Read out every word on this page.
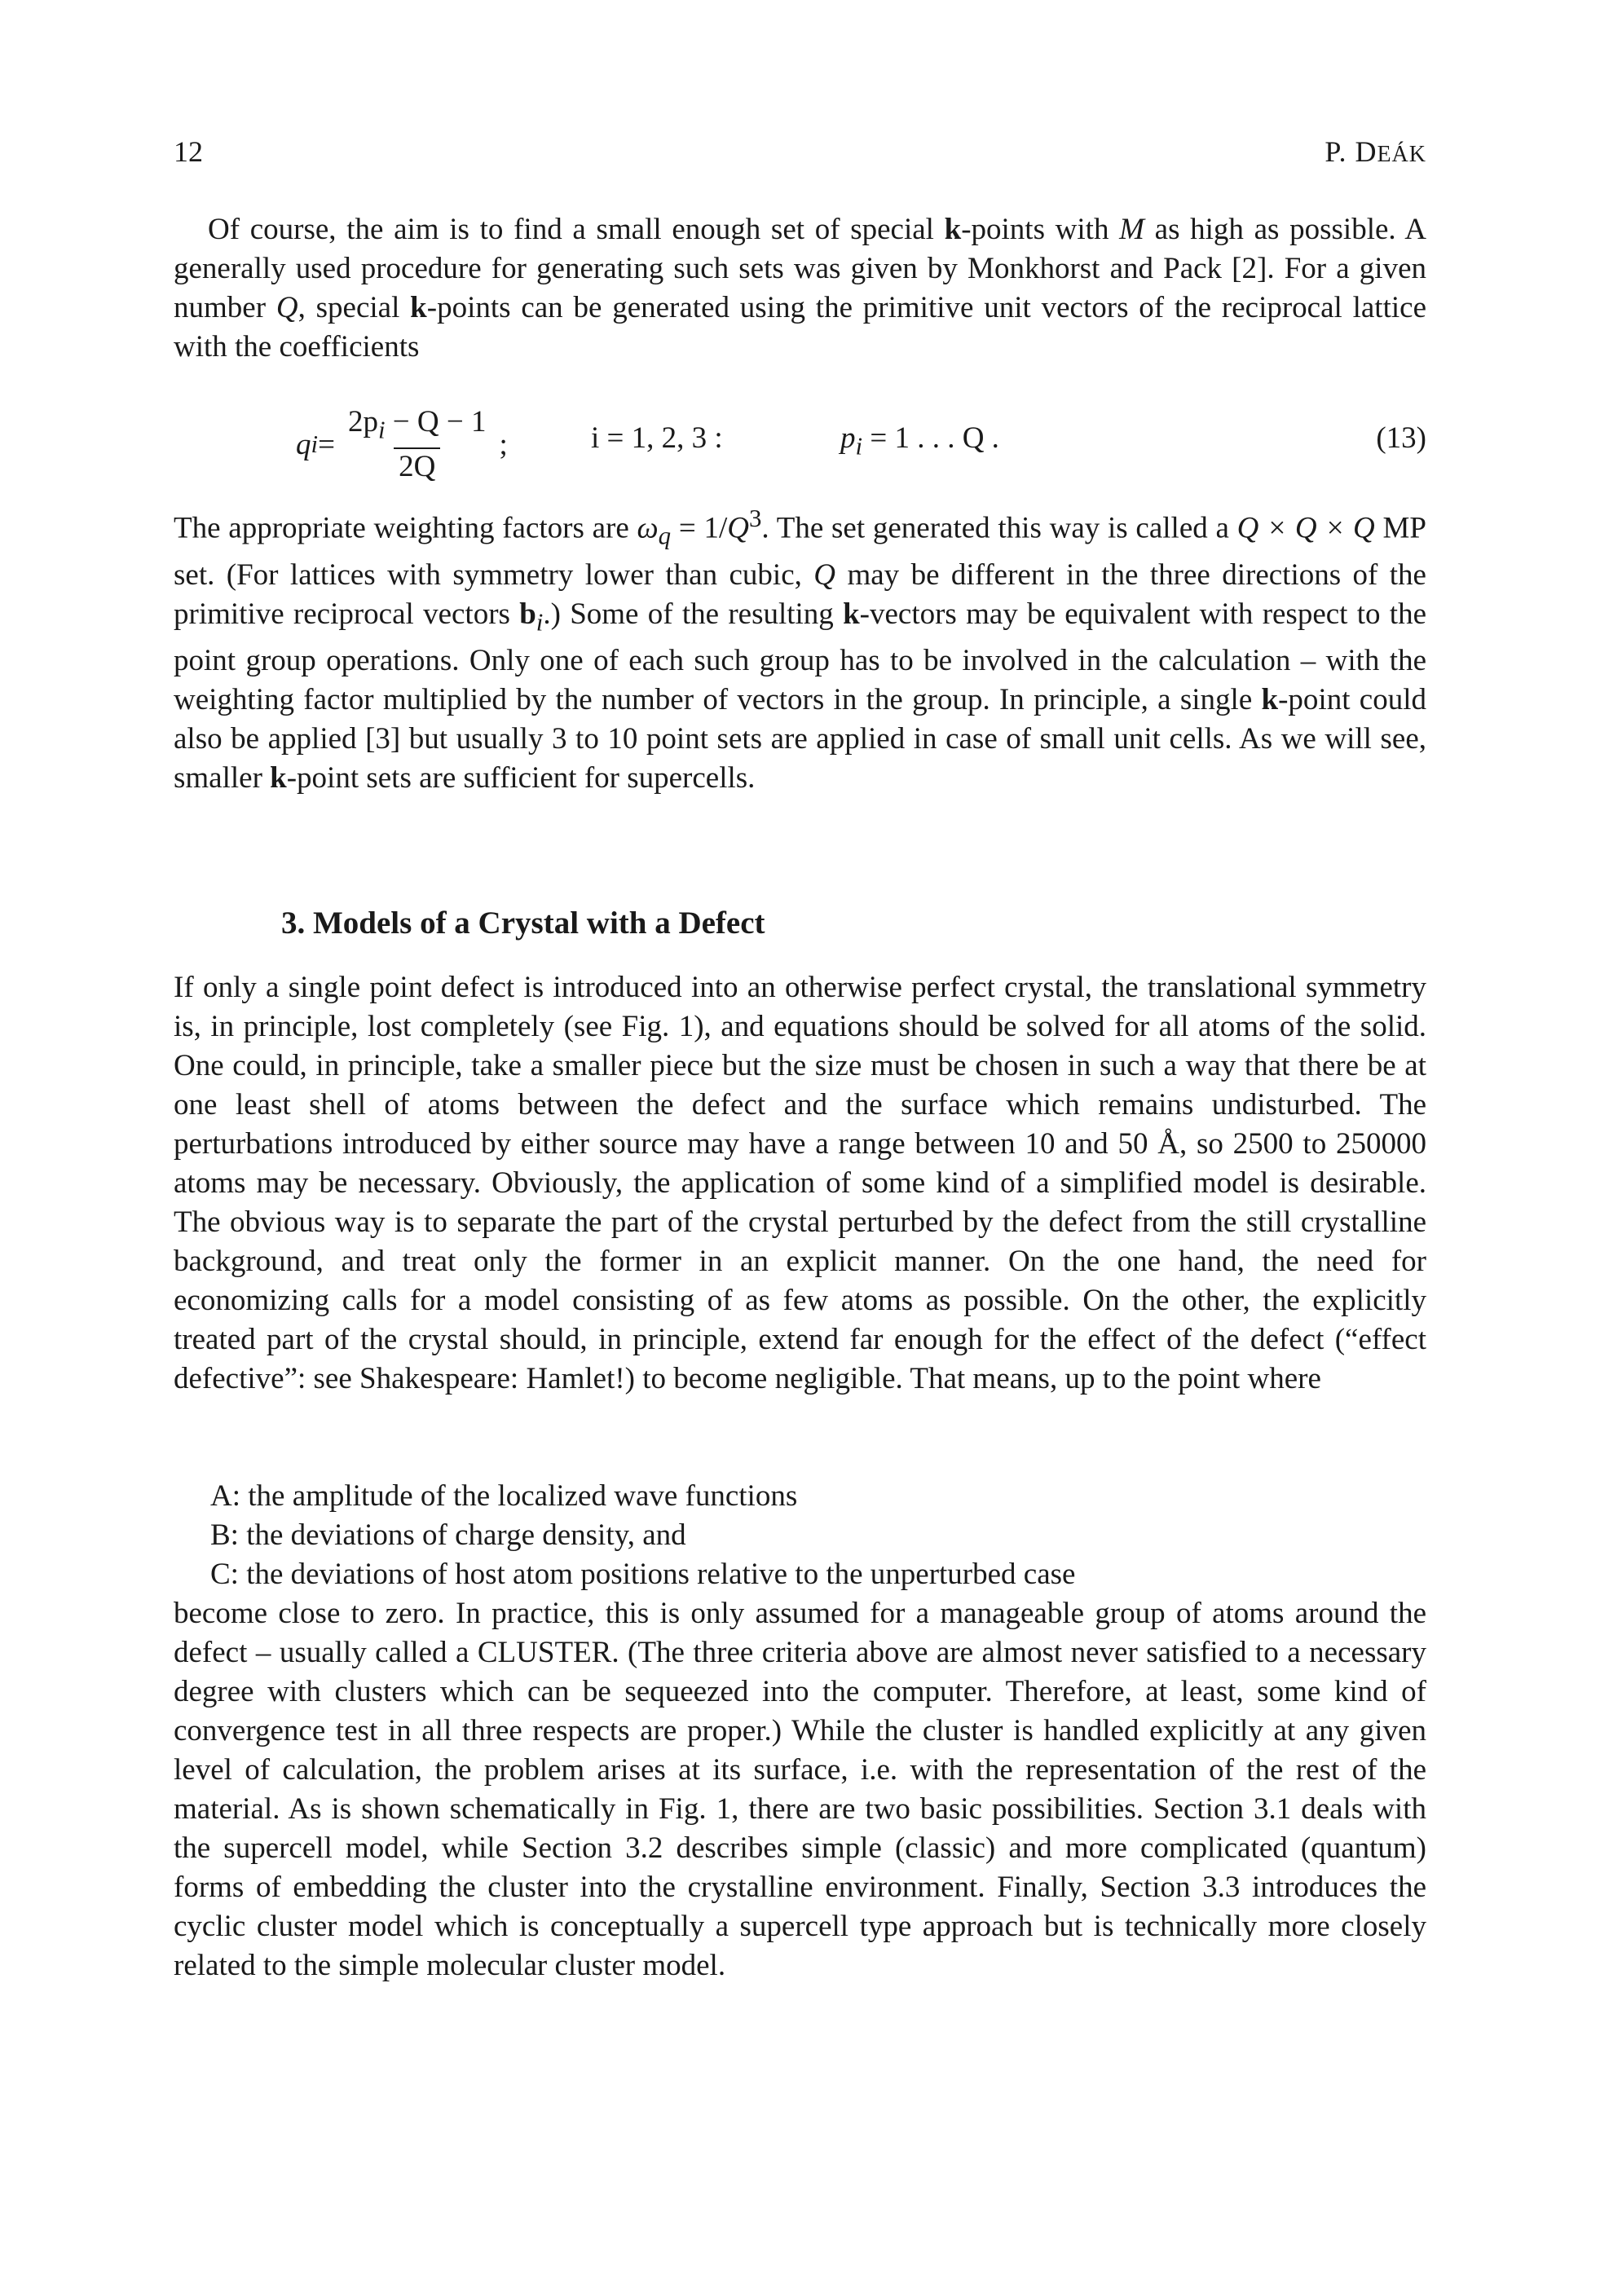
12	P. DEÁK

Of course, the aim is to find a small enough set of special k-points with M as high as possible. A generally used procedure for generating such sets was given by Monkhorst and Pack [2]. For a given number Q, special k-points can be generated using the primitive unit vectors of the reciprocal lattice with the coefficients

q $i = \frac{2p_i - Q - 1}{2Q}$ ;	i = 1, 2, 3 :	$p_i = 1$ . . . Q .	(13)

The appropriate weighting factors are $\omega_q = 1/Q^3$. The set generated this way is called a Q × Q × Q MP set. (For lattices with symmetry lower than cubic, Q may be different in the three directions of the primitive reciprocal vectors $b_i$.) Some of the resulting k-vectors may be equivalent with respect to the point group operations. Only one of each such group has to be involved in the calculation – with the weighting factor multiplied by the number of vectors in the group. In principle, a single k-point could also be applied [3] but usually 3 to 10 point sets are applied in case of small unit cells. As we will see, smaller k-point sets are sufficient for supercells.

3. Models of a Crystal with a Defect

If only a single point defect is introduced into an otherwise perfect crystal, the translational symmetry is, in principle, lost completely (see Fig. 1), and equations should be solved for all atoms of the solid. One could, in principle, take a smaller piece but the size must be chosen in such a way that there be at one least shell of atoms between the defect and the surface which remains undisturbed. The perturbations introduced by either source may have a range between 10 and 50 Å, so 2500 to 250000 atoms may be necessary. Obviously, the application of some kind of a simplified model is desirable. The obvious way is to separate the part of the crystal perturbed by the defect from the still crystalline background, and treat only the former in an explicit manner. On the one hand, the need for economizing calls for a model consisting of as few atoms as possible. On the other, the explicitly treated part of the crystal should, in principle, extend far enough for the effect of the defect (“effect defective”: see Shakespeare: Hamlet!) to become negligible. That means, up to the point where

A: the amplitude of the localized wave functions
B: the deviations of charge density, and
C: the deviations of host atom positions relative to the unperturbed case

become close to zero. In practice, this is only assumed for a manageable group of atoms around the defect – usually called a CLUSTER. (The three criteria above are almost never satisfied to a necessary degree with clusters which can be sequeezed into the computer. Therefore, at least, some kind of convergence test in all three respects are proper.) While the cluster is handled explicitly at any given level of calculation, the problem arises at its surface, i.e. with the representation of the rest of the material. As is shown schematically in Fig. 1, there are two basic possibilities. Section 3.1 deals with the supercell model, while Section 3.2 describes simple (classic) and more complicated (quantum) forms of embedding the cluster into the crystalline environment. Finally, Section 3.3 introduces the cyclic cluster model which is conceptually a supercell type approach but is technically more closely related to the simple molecular cluster model.
